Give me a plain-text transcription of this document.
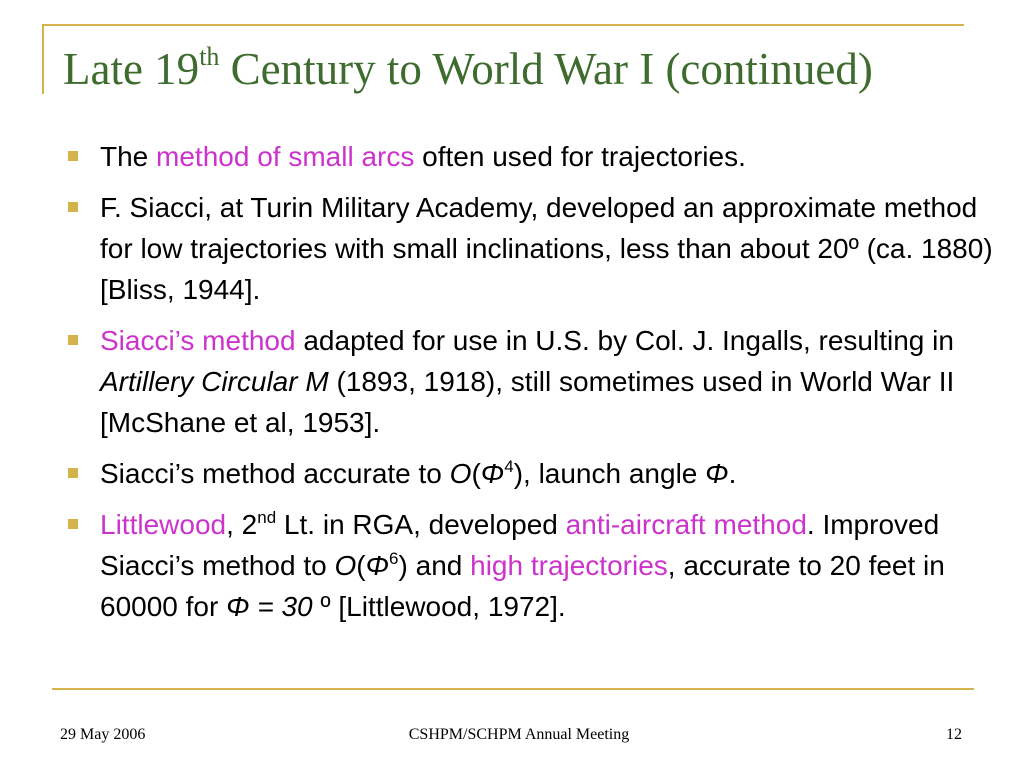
Late 19th Century to World War I (continued)
The method of small arcs often used for trajectories.
F. Siacci, at Turin Military Academy, developed an approximate method for low trajectories with small inclinations, less than about 20º (ca. 1880) [Bliss, 1944].
Siacci’s method adapted for use in U.S. by Col. J. Ingalls, resulting in Artillery Circular M (1893, 1918), still sometimes used in World War II [McShane et al, 1953].
Siacci’s method accurate to $O(\Phi^4)$, launch angle Φ.
Littlewood, 2nd Lt. in RGA, developed anti-aircraft method. Improved Siacci’s method to $O(\Phi^6)$ and high trajectories, accurate to 20 feet in 60000 for Φ = 30 º [Littlewood, 1972].
29 May 2006	CSHPM/SCHPM Annual Meeting	12
